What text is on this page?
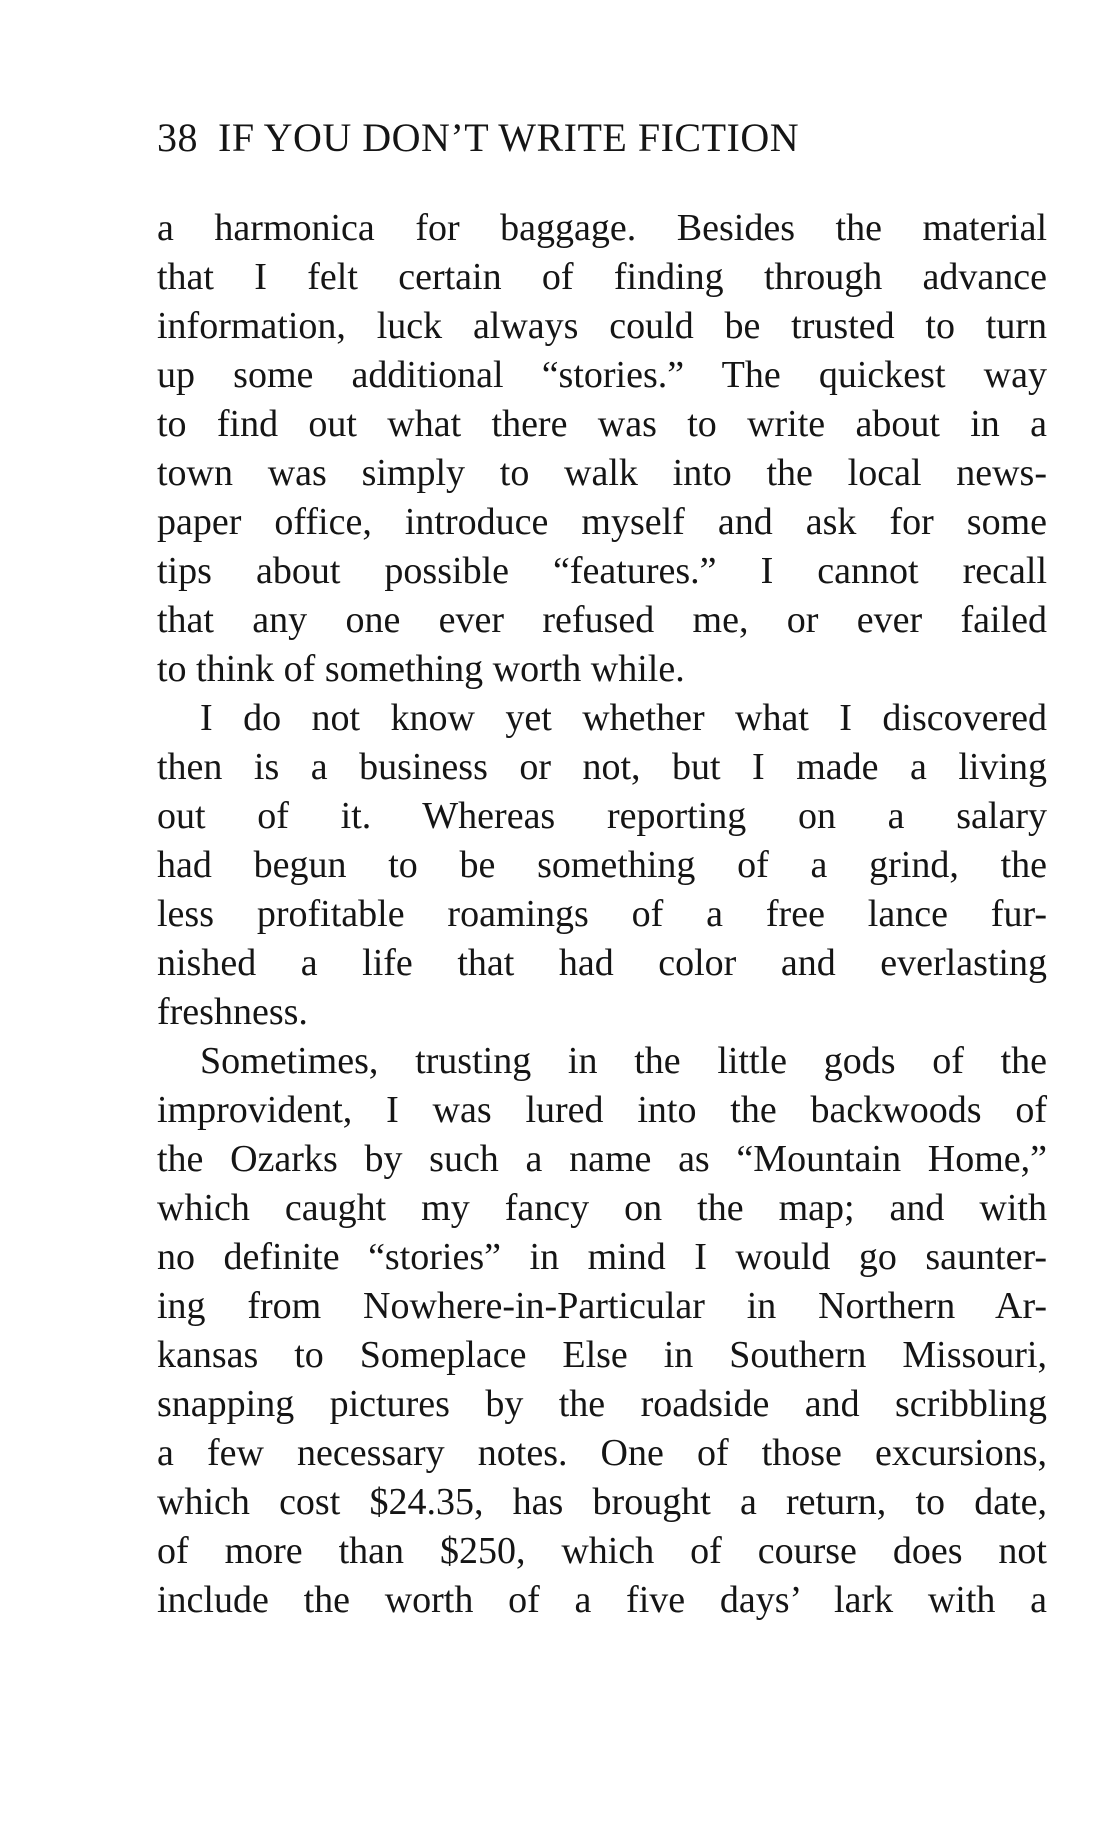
38 IF YOU DON’T WRITE FICTION
a harmonica for baggage. Besides the material
that I felt certain of finding through advance
information, luck always could be trusted to turn
up some additional “stories.” The quickest way
to find out what there was to write about in a
town was simply to walk into the local news-
paper office, introduce myself and ask for some
tips about possible “features.” I cannot recall
that any one ever refused me, or ever failed
to think of something worth while.
I do not know yet whether what I discovered
then is a business or not, but I made a living
out of it. Whereas reporting on a salary
had begun to be something of a grind, the
less profitable roamings of a free lance fur-
nished a life that had color and everlasting
freshness.
Sometimes, trusting in the little gods of the
improvident, I was lured into the backwoods of
the Ozarks by such a name as “Mountain Home,”
which caught my fancy on the map; and with
no definite “stories” in mind I would go saunter-
ing from Nowhere-in-Particular in Northern Ar-
kansas to Someplace Else in Southern Missouri,
snapping pictures by the roadside and scribbling
a few necessary notes. One of those excursions,
which cost $24.35, has brought a return, to date,
of more than $250, which of course does not
include the worth of a five days’ lark with a
